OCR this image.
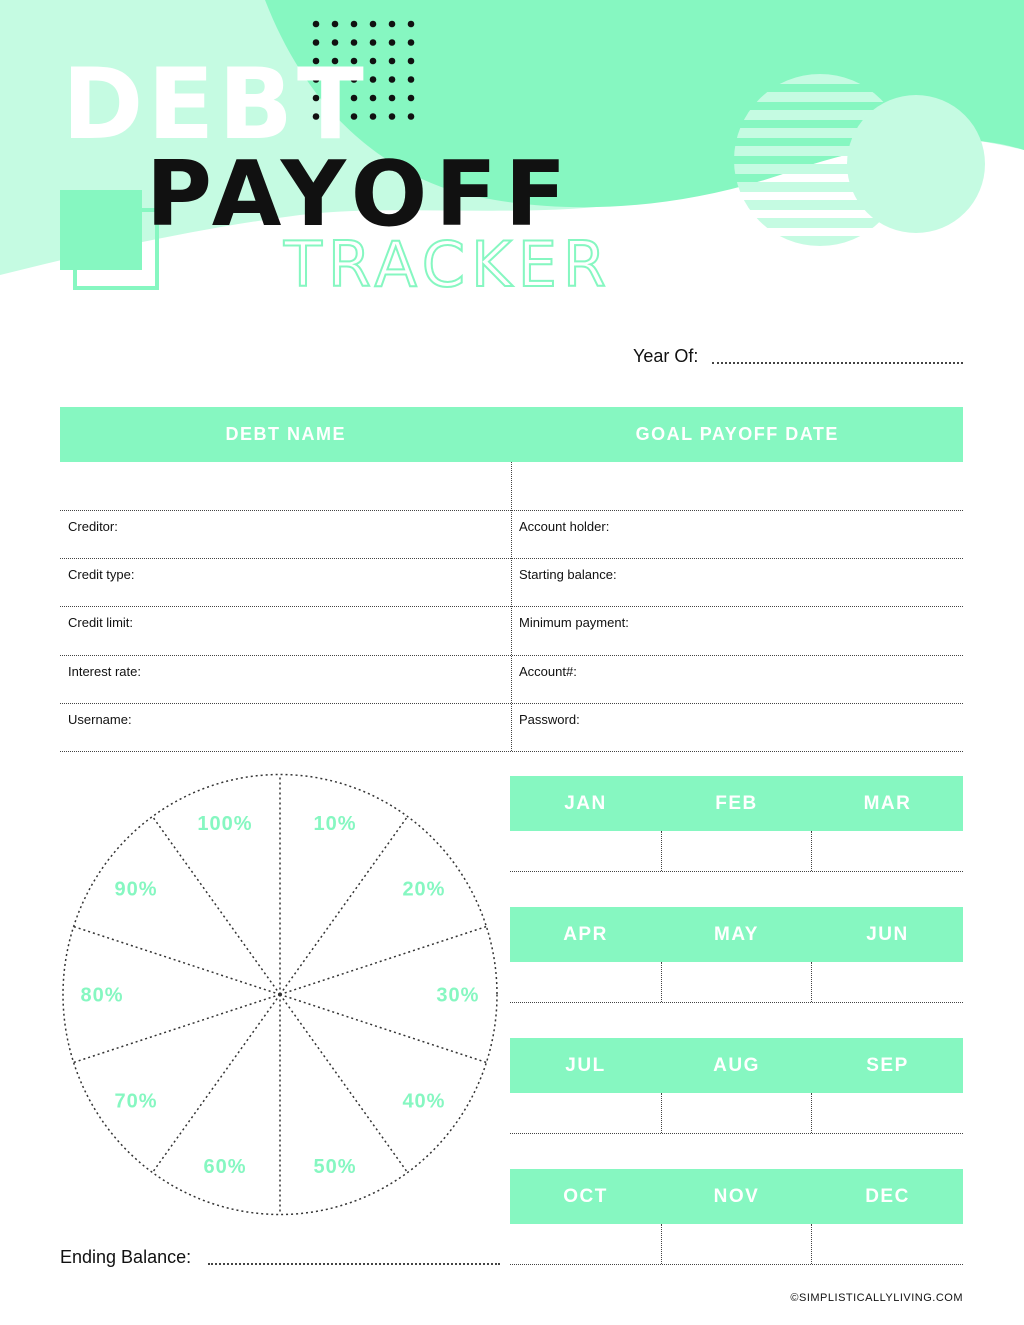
DEBT
PAYOFF
TRACKER
Year Of:
DEBT NAME	GOAL PAYOFF DATE
Creditor:	Account holder:
Credit type:	Starting balance:
Credit limit:	Minimum payment:
Interest rate:	Account#:
Username:	Password:
10%
20%
30%
40%
50%
60%
70%
80%
90%
100%
JAN	FEB	MAR
APR	MAY	JUN
JUL	AUG	SEP
OCT	NOV	DEC
Ending Balance:
©SIMPLISTICALLYLIVING.COM
